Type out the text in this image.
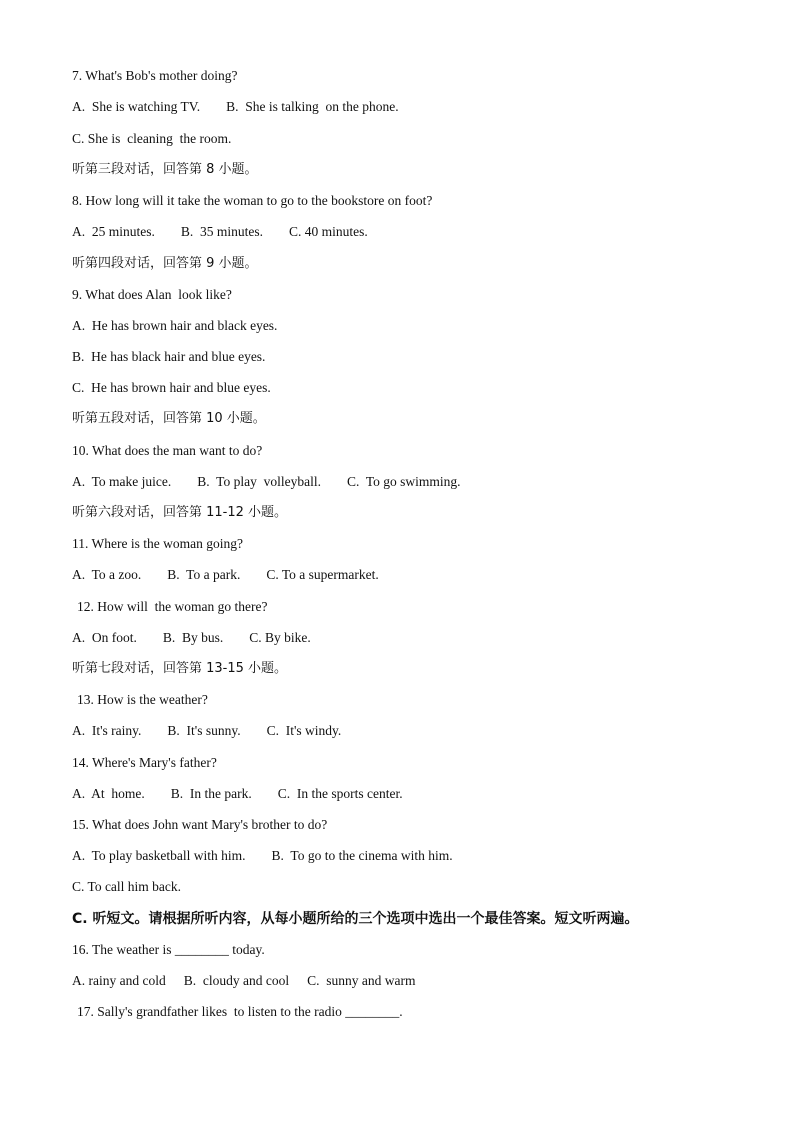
7. What's Bob's mother doing?
A.  She is watching TV. B.  She is talking  on the phone.
C. She is  cleaning  the room.
听第三段对话，回答第 8 小题。
8. How long will it take the woman to go to the bookstore on foot?
A.  25 minutes. B.  35 minutes. C. 40 minutes.
听第四段对话，回答第 9 小题。
9. What does Alan  look like?
A.  He has brown hair and black eyes.
B.  He has black hair and blue eyes.
C.  He has brown hair and blue eyes.
听第五段对话，回答第 10 小题。
10. What does the man want to do?
A.  To make juice. B.  To play  volleyball. C.  To go swimming.
听第六段对话，回答第 11-12 小题。
11. Where is the woman going?
A.  To a zoo. B.  To a park. C. To a supermarket.
12. How will  the woman go there?
A.  On foot. B.  By bus. C. By bike.
听第七段对话，回答第 13-15 小题。
13. How is the weather?
A.  It's rainy. B.  It's sunny. C.  It's windy.
14. Where's Mary's father?
A.  At  home. B.  In the park. C.  In the sports center.
15. What does John want Mary's brother to do?
A.  To play basketball with him. B.  To go to the cinema with him.
C. To call him back.
C. 听短文。请根据所听内容，从每小题所给的三个选项中选出一个最佳答案。短文听两遍。
16. The weather is ________ today.
A. rainy and cold B.  cloudy and cool C.  sunny and warm
17. Sally's grandfather likes  to listen to the radio ________.
